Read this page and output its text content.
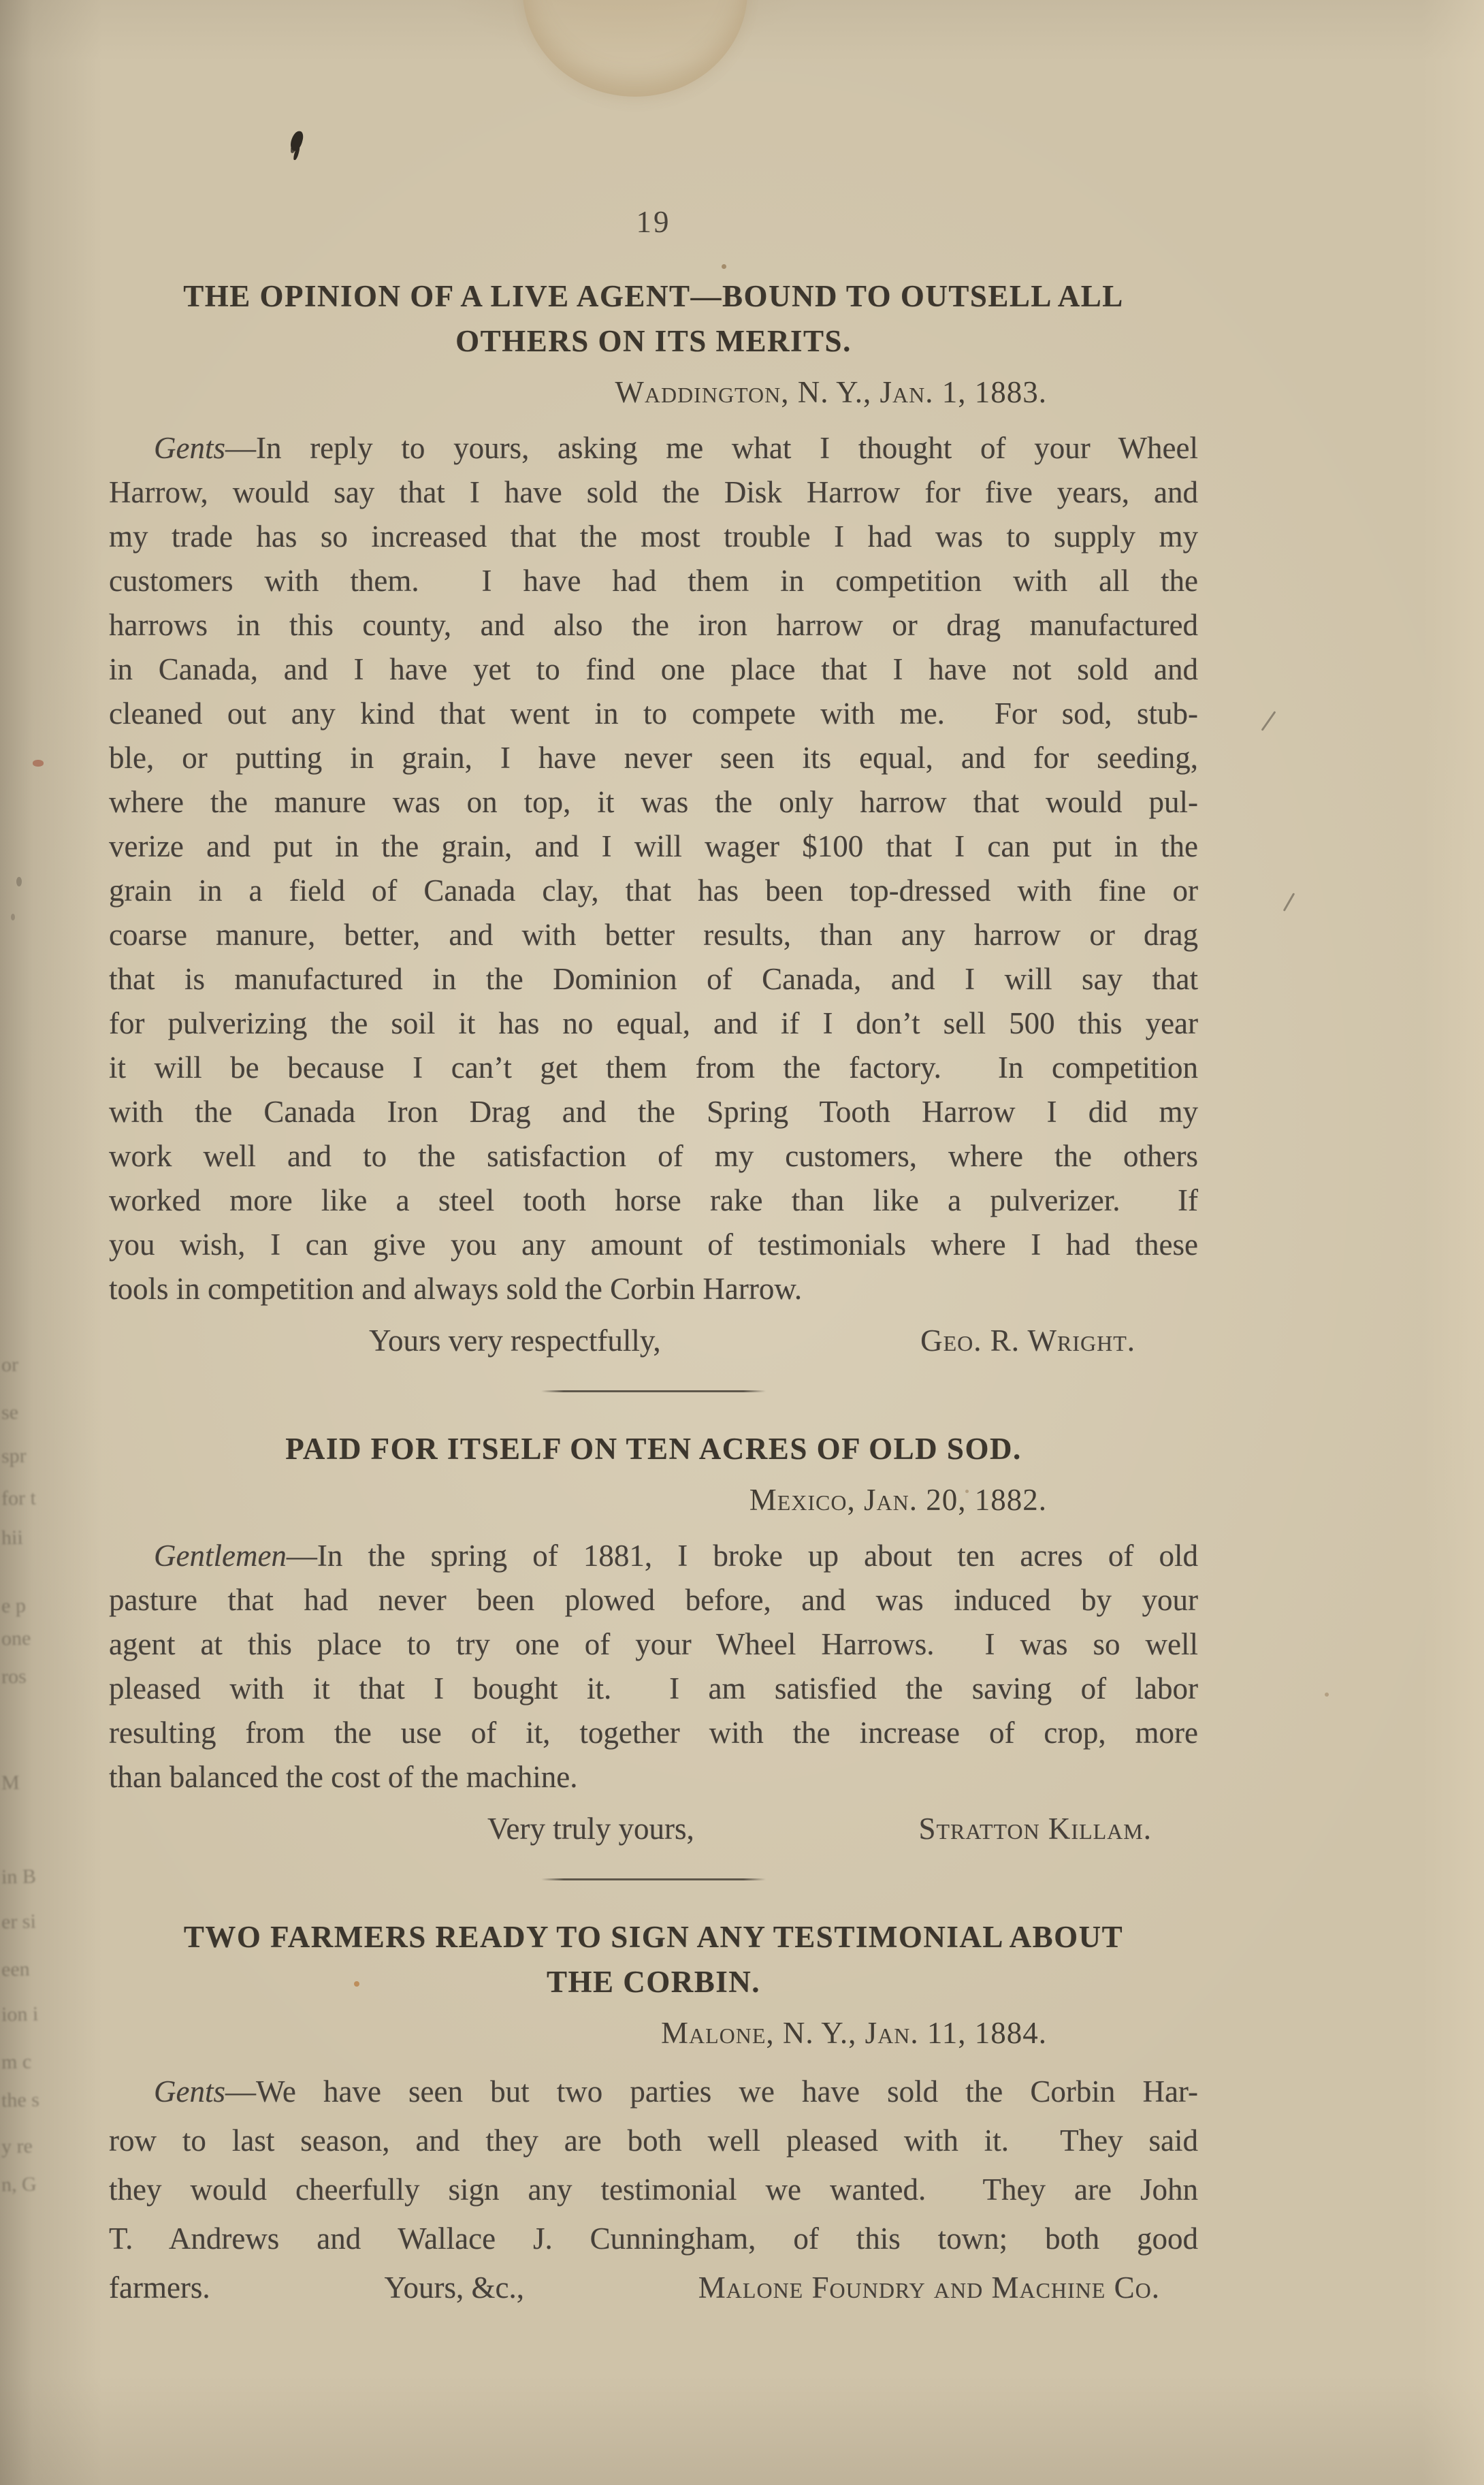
or
se
spr
for t
hii
e p
one
ros
M
in B
er si
een
ion i
m c
the s
y re
n, G
19
THE OPINION OF A LIVE AGENT—BOUND TO OUTSELL ALL
OTHERS ON ITS MERITS.
Waddington, N. Y., Jan. 1, 1883.
Gents—In reply to yours, asking me what I thought of your Wheel
Harrow, would say that I have sold the Disk Harrow for five years, and
my trade has so increased that the most trouble I had was to supply my
customers with them.  I have had them in competition with all the
harrows in this county, and also the iron harrow or drag manufactured
in Canada, and I have yet to find one place that I have not sold and
cleaned out any kind that went in to compete with me.  For sod, stub-
ble, or putting in grain, I have never seen its equal, and for seeding,
where the manure was on top, it was the only harrow that would pul-
verize and put in the grain, and I will wager $100 that I can put in the
grain in a field of Canada clay, that has been top-dressed with fine or
coarse manure, better, and with better results, than any harrow or drag
that is manufactured in the Dominion of Canada, and I will say that
for pulverizing the soil it has no equal, and if I don’t sell 500 this year
it will be because I can’t get them from the factory.  In competition
with the Canada Iron Drag and the Spring Tooth Harrow I did my
work well and to the satisfaction of my customers, where the others
worked more like a steel tooth horse rake than like a pulverizer.  If
you wish, I can give you any amount of testimonials where I had these
tools in competition and always sold the Corbin Harrow.
Yours very respectfully,	Geo. R. Wright.
PAID FOR ITSELF ON TEN ACRES OF OLD SOD.
Mexico, Jan. 20, 1882.
Gentlemen—In the spring of 1881, I broke up about ten acres of old
pasture that had never been plowed before, and was induced by your
agent at this place to try one of your Wheel Harrows.  I was so well
pleased with it that I bought it.  I am satisfied the saving of labor
resulting from the use of it, together with the increase of crop, more
than balanced the cost of the machine.
Very truly yours,	Stratton Killam.
TWO FARMERS READY TO SIGN ANY TESTIMONIAL ABOUT
THE CORBIN.
Malone, N. Y., Jan. 11, 1884.
Gents—We have seen but two parties we have sold the Corbin Har-
row to last season, and they are both well pleased with it.  They said
they would cheerfully sign any testimonial we wanted.  They are John
T. Andrews and Wallace J. Cunningham, of this town; both good
farmers.	Yours, &c.,	Malone Foundry and Machine Co.
